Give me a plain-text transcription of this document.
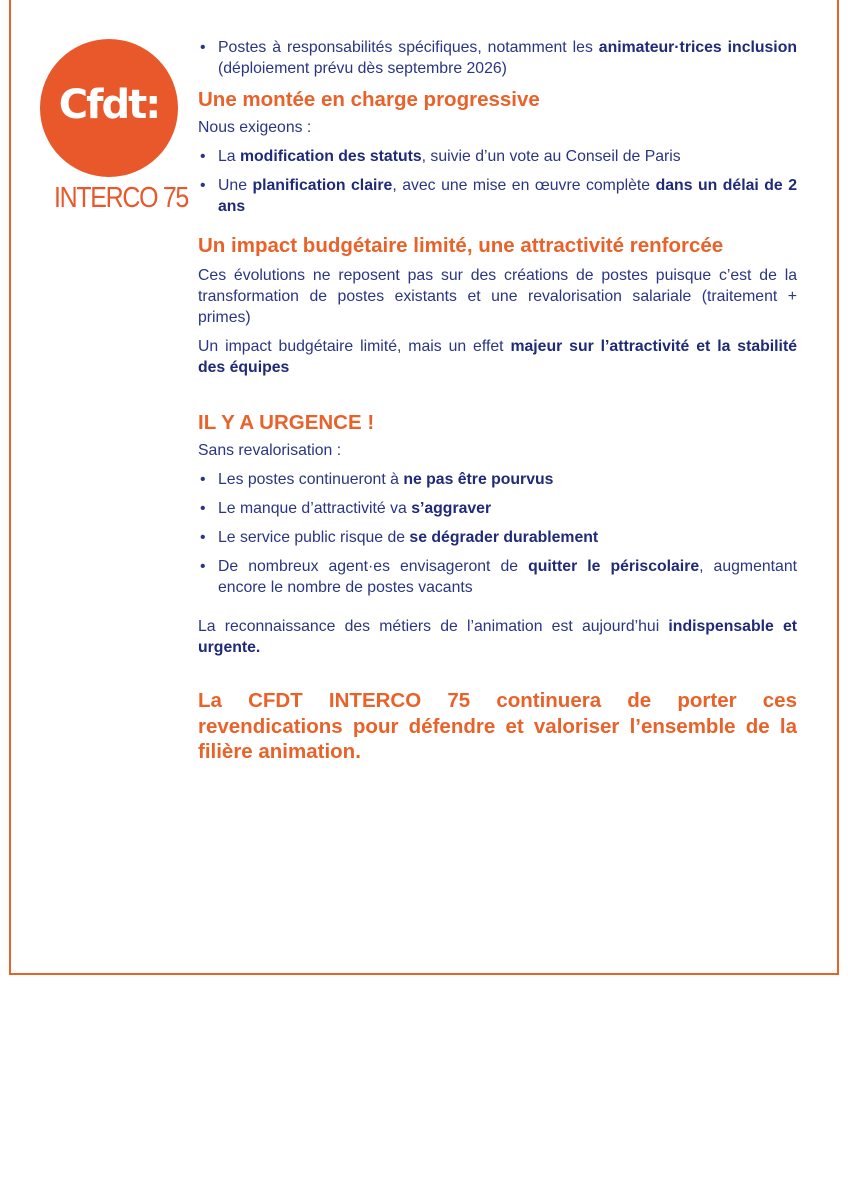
Cfdt:
INTERCO 75
• Postes à responsabilités spécifiques, notamment les animateur·trices inclusion (déploiement prévu dès septembre 2026)
Une montée en charge progressive

Nous exigeons :

• La modification des statuts, suivie d’un vote au Conseil de Paris
• Une planification claire, avec une mise en œuvre complète dans un délai de 2 ans
Un impact budgétaire limité, une attractivité renforcée

Ces évolutions ne reposent pas sur des créations de postes puisque c’est de la transformation de postes existants et une revalorisation salariale (traitement + primes)

Un impact budgétaire limité, mais un effet majeur sur l’attractivité et la stabilité des équipes

IL Y A URGENCE !

Sans revalorisation :

• Les postes continueront à ne pas être pourvus
• Le manque d’attractivité va s’aggraver
• Le service public risque de se dégrader durablement
• De nombreux agent·es envisageront de quitter le périscolaire, augmentant encore le nombre de postes vacants

La reconnaissance des métiers de l’animation est aujourd’hui indispensable et urgente.

La CFDT INTERCO 75 continuera de porter ces revendications pour défendre et valoriser l’ensemble de la filière animation.
